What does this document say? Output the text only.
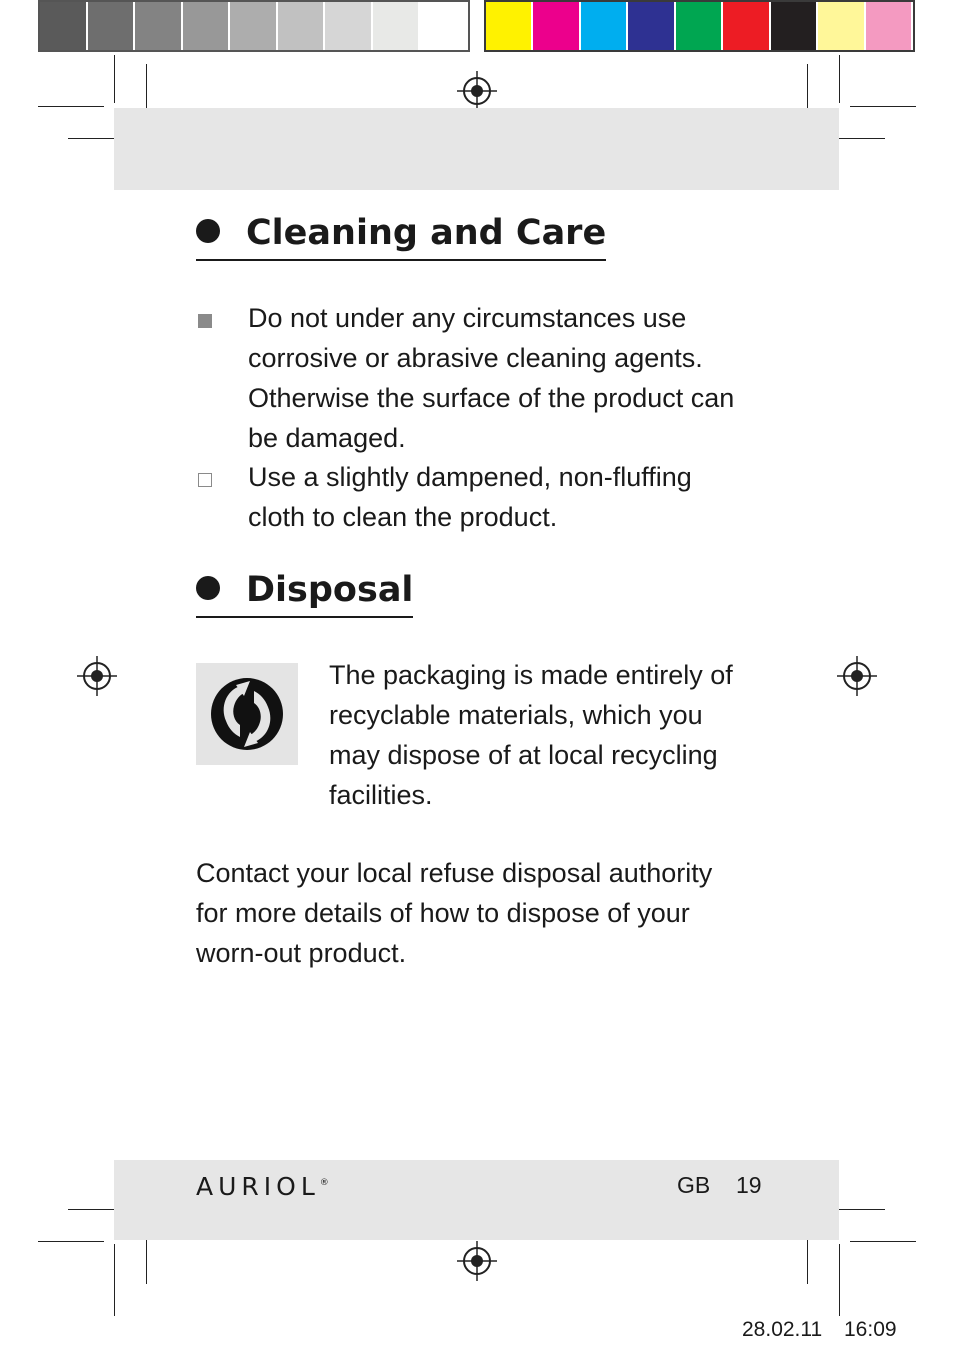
Cleaning and Care
Do not under any circumstances use
corrosive or abrasive cleaning agents.
Otherwise the surface of the product can
be damaged.
Use a slightly dampened, non-fluffing
cloth to clean the product.
Disposal
The packaging is made entirely of
recyclable materials, which you
may dispose of at local recycling
facilities.
Contact your local refuse disposal authority
for more details of how to dispose of your
worn-out product.
AURIOL®	GB 19
28.02.11 16:09
